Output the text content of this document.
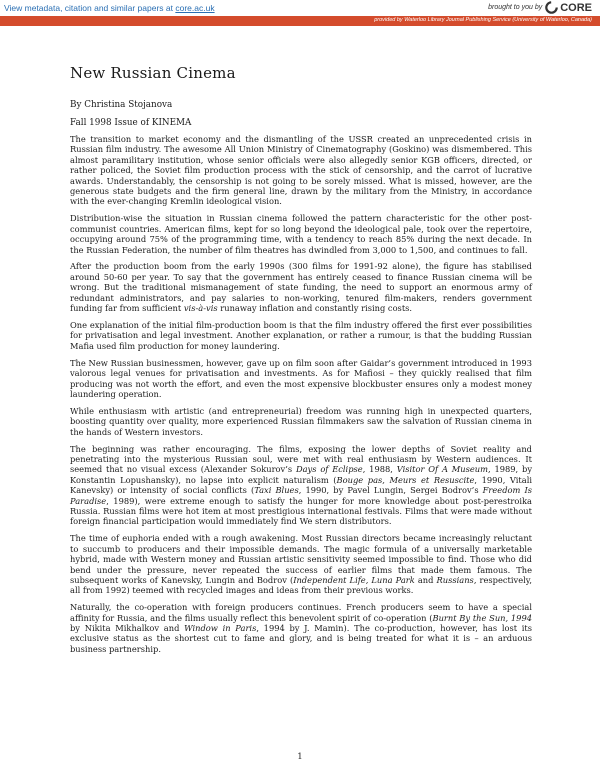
View metadata, citation and similar papers at core.ac.uk	brought to you by CORE
provided by Waterloo Library Journal Publishing Service (University of Waterloo, Canada)
New Russian Cinema

By Christina Stojanova

Fall 1998 Issue of KINEMA

The transition to market economy and the dismantling of the USSR created an unprecedented crisis in Russian film industry. The awesome All Union Ministry of Cinematography (Goskino) was dismembered. This almost paramilitary institution, whose senior officials were also allegedly senior KGB officers, directed, or rather policed, the Soviet film production process with the stick of censorship, and the carrot of lucrative awards. Understandably, the censorship is not going to be sorely missed. What is missed, however, are the generous state budgets and the firm general line, drawn by the military from the Ministry, in accordance with the ever-changing Kremlin ideological vision.

Distribution-wise the situation in Russian cinema followed the pattern characteristic for the other post-communist countries. American films, kept for so long beyond the ideological pale, took over the repertoire, occupying around 75% of the programming time, with a tendency to reach 85% during the next decade. In the Russian Federation, the number of film theatres has dwindled from 3,000 to 1,500, and continues to fall.

After the production boom from the early 1990s (300 films for 1991-92 alone), the figure has stabilised around 50-60 per year. To say that the government has entirely ceased to finance Russian cinema will be wrong. But the traditional mismanagement of state funding, the need to support an enormous army of redundant administrators, and pay salaries to non-working, tenured film-makers, renders government funding far from sufficient vis-à-vis runaway inflation and constantly rising costs.

One explanation of the initial film-production boom is that the film industry offered the first ever possibilities for privatisation and legal investment. Another explanation, or rather a rumour, is that the budding Russian Mafia used film production for money laundering.

The New Russian businessmen, however, gave up on film soon after Gaidar’s government introduced in 1993 valorous legal venues for privatisation and investments. As for Mafiosi – they quickly realised that film producing was not worth the effort, and even the most expensive blockbuster ensures only a modest money laundering operation.

While enthusiasm with artistic (and entrepreneurial) freedom was running high in unexpected quarters, boosting quantity over quality, more experienced Russian filmmakers saw the salvation of Russian cinema in the hands of Western investors.

The beginning was rather encouraging. The films, exposing the lower depths of Soviet reality and penetrating into the mysterious Russian soul, were met with real enthusiasm by Western audiences. It seemed that no visual excess (Alexander Sokurov’s Days of Eclipse, 1988, Visitor Of A Museum, 1989, by Konstantin Lopushansky), no lapse into explicit naturalism (Bouge pas, Meurs et Resuscite, 1990, Vitali Kanevsky) or intensity of social conflicts (Taxi Blues, 1990, by Pavel Lungin, Sergei Bodrov’s Freedom Is Paradise, 1989), were extreme enough to satisfy the hunger for more knowledge about post-perestroika Russia. Russian films were hot item at most prestigious international festivals. Films that were made without foreign financial participation would immediately find We stern distributors.

The time of euphoria ended with a rough awakening. Most Russian directors became increasingly reluctant to succumb to producers and their impossible demands. The magic formula of a universally marketable hybrid, made with Western money and Russian artistic sensitivity seemed impossible to find. Those who did bend under the pressure, never repeated the success of earlier films that made them famous. The subsequent works of Kanevsky, Lungin and Bodrov (Independent Life, Luna Park and Russians, respectively, all from 1992) teemed with recycled images and ideas from their previous works.

Naturally, the co-operation with foreign producers continues. French producers seem to have a special affinity for Russia, and the films usually reflect this benevolent spirit of co-operation (Burnt By the Sun, 1994 by Nikita Mikhalkov and Window in Paris, 1994 by J. Mamin). The co-production, however, has lost its exclusive status as the shortest cut to fame and glory, and is being treated for what it is – an arduous business partnership.

1
